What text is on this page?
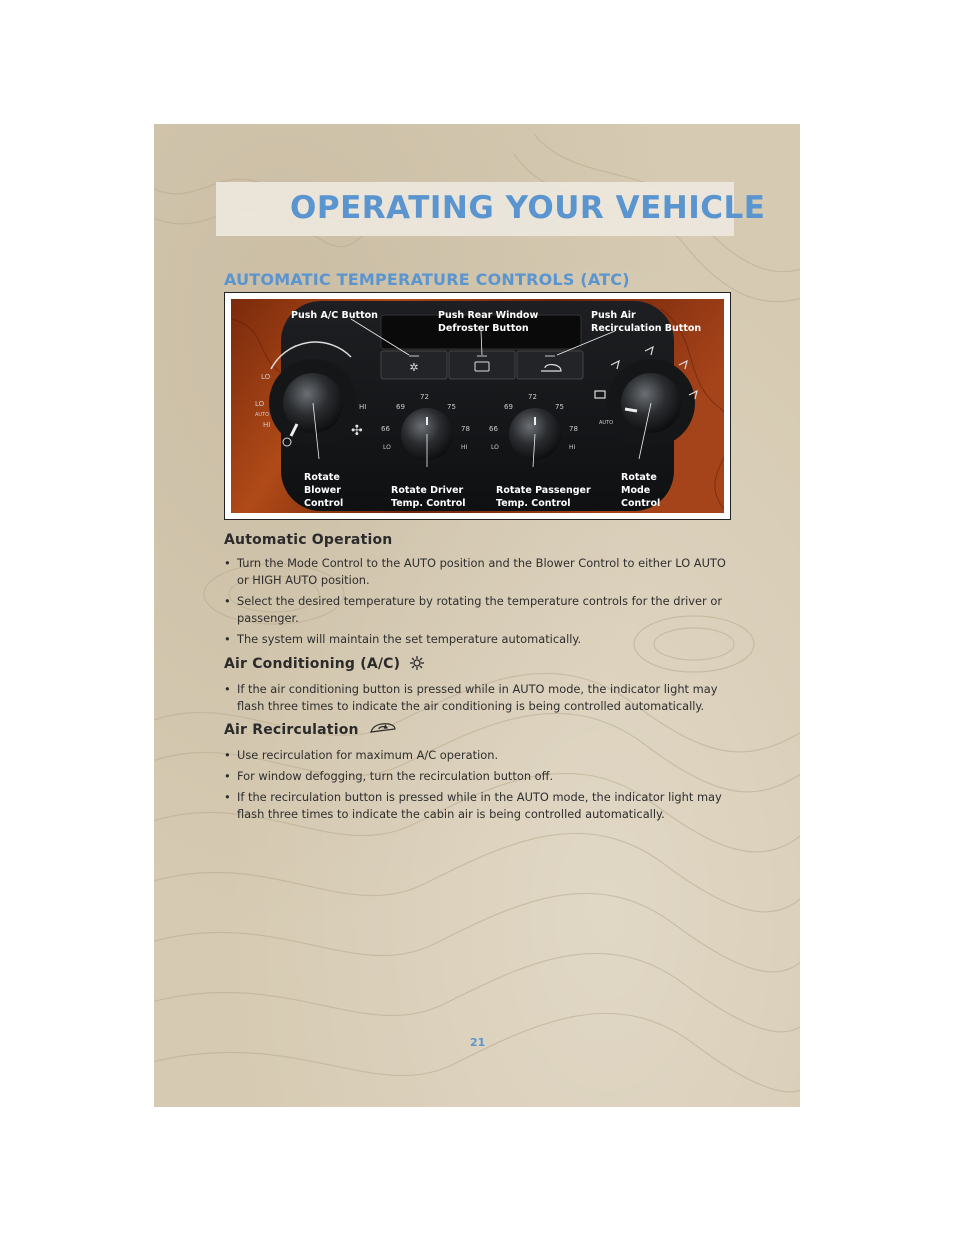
OPERATING YOUR VEHICLE
AUTOMATIC TEMPERATURE CONTROLS (ATC)
✲
LO
LO
AUTO
HI
HI
✣
69
72
75
66	78
LO	HI
69
72
75
66	78
LO	HI
AUTO
Push A/C Button	Push Rear Window
Defroster Button
Push Air
Recirculation Button
Rotate
Blower
Control
Rotate Driver
Temp. Control
Rotate Passenger
Temp. Control
Rotate
Mode
Control
Automatic Operation
• Turn the Mode Control to the AUTO position and the Blower Control to either LO AUTO or HIGH AUTO position.
• Select the desired temperature by rotating the temperature controls for the driver or passenger.
• The system will maintain the set temperature automatically.
Air Conditioning (A/C)
• If the air conditioning button is pressed while in AUTO mode, the indicator light may flash three times to indicate the air conditioning is being controlled automatically.
Air Recirculation
• Use recirculation for maximum A/C operation.
• For window defogging, turn the recirculation button off.
• If the recirculation button is pressed while in the AUTO mode, the indicator light may flash three times to indicate the cabin air is being controlled automatically.
21
